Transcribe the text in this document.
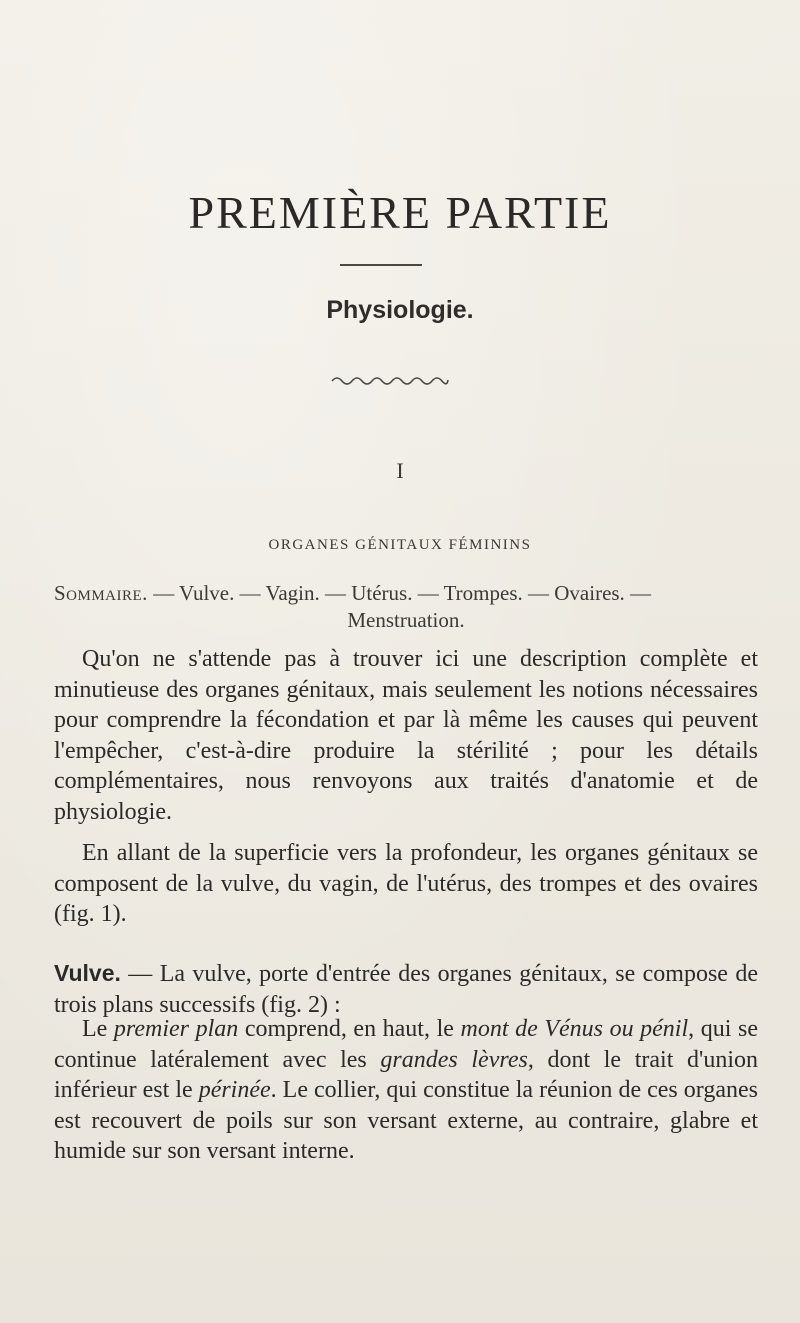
PREMIÈRE PARTIE
Physiologie.
I
ORGANES GÉNITAUX FÉMININS

Sommaire. — Vulve. — Vagin. — Utérus. — Trompes. — Ovaires. —
Menstruation.

Qu'on ne s'attende pas à trouver ici une description complète et minutieuse des organes génitaux, mais seulement les notions nécessaires pour comprendre la fécondation et par là même les causes qui peuvent l'empêcher, c'est-à-dire produire la stérilité ; pour les détails complémentaires, nous renvoyons aux traités d'anatomie et de physiologie.

En allant de la superficie vers la profondeur, les organes génitaux se composent de la vulve, du vagin, de l'utérus, des trompes et des ovaires (fig. 1).

Vulve. — La vulve, porte d'entrée des organes génitaux, se compose de trois plans successifs (fig. 2) :

Le premier plan comprend, en haut, le mont de Vénus ou pénil, qui se continue latéralement avec les grandes lèvres, dont le trait d'union inférieur est le périnée. Le collier, qui constitue la réunion de ces organes est recouvert de poils sur son versant externe, au contraire, glabre et humide sur son versant interne.
